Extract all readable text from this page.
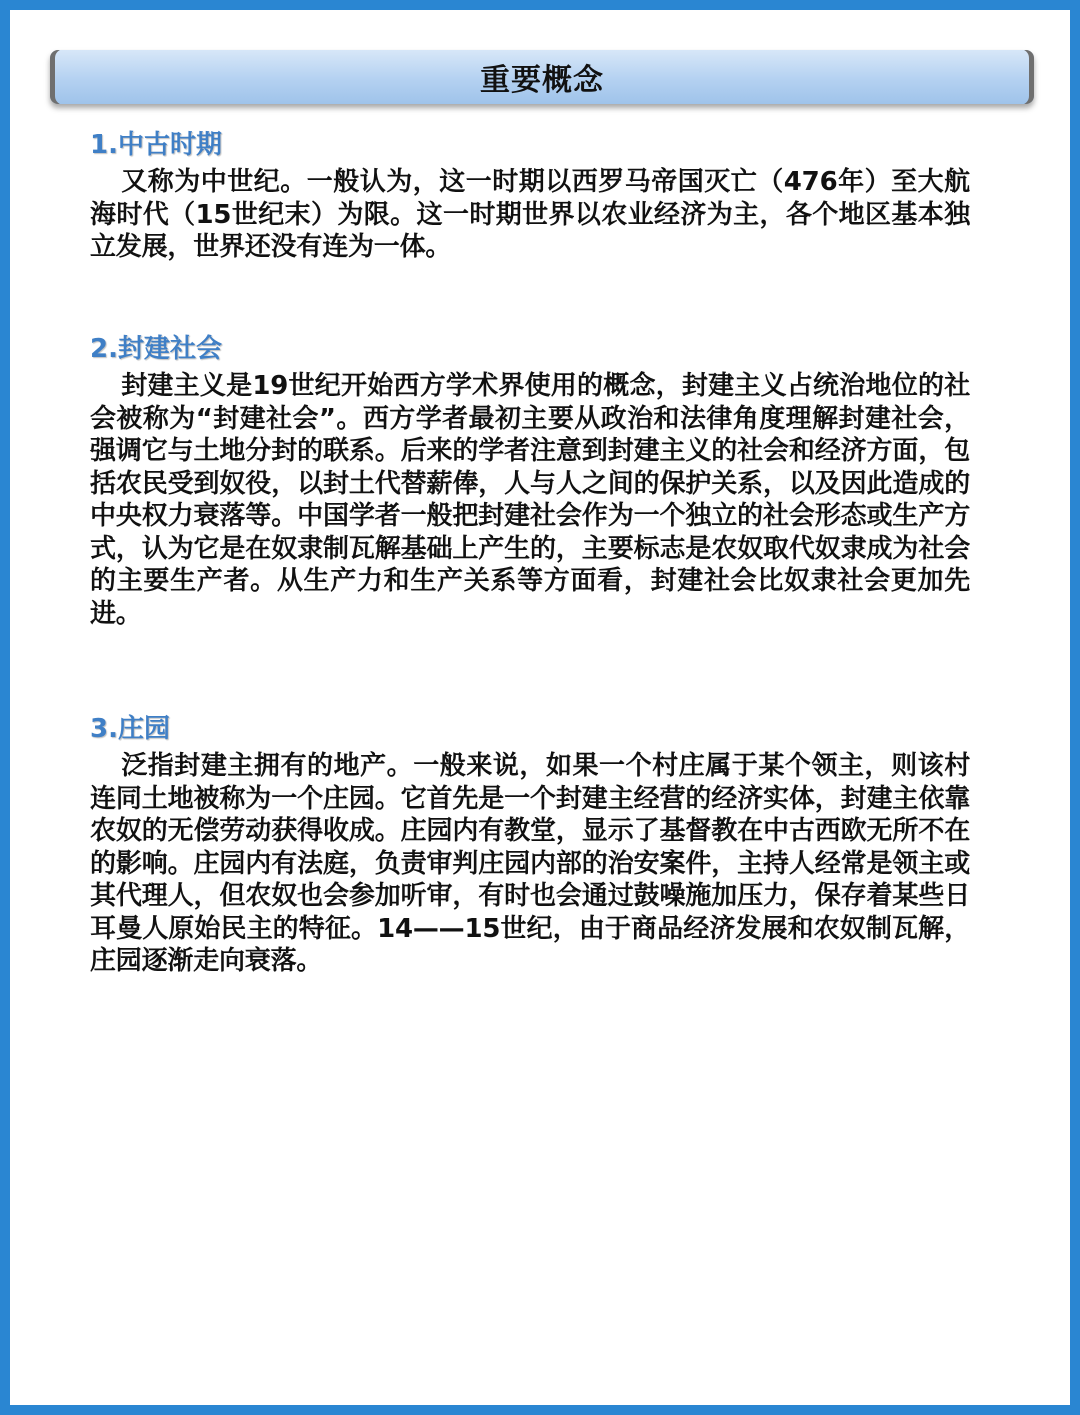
重要概念
1.中古时期

又称为中世纪。一般认为，这一时期以西罗马帝国灭亡（476年）至大航海时代（15世纪末）为限。这一时期世界以农业经济为主，各个地区基本独立发展，世界还没有连为一体。

2.封建社会

封建主义是19世纪开始西方学术界使用的概念，封建主义占统治地位的社会被称为“封建社会”。西方学者最初主要从政治和法律角度理解封建社会，强调它与土地分封的联系。后来的学者注意到封建主义的社会和经济方面，包括农民受到奴役，以封土代替薪俸，人与人之间的保护关系，以及因此造成的中央权力衰落等。中国学者一般把封建社会作为一个独立的社会形态或生产方式，认为它是在奴隶制瓦解基础上产生的，主要标志是农奴取代奴隶成为社会的主要生产者。从生产力和生产关系等方面看，封建社会比奴隶社会更加先进。

3.庄园

泛指封建主拥有的地产。一般来说，如果一个村庄属于某个领主，则该村连同土地被称为一个庄园。它首先是一个封建主经营的经济实体，封建主依靠农奴的无偿劳动获得收成。庄园内有教堂，显示了基督教在中古西欧无所不在的影响。庄园内有法庭，负责审判庄园内部的治安案件，主持人经常是领主或其代理人，但农奴也会参加听审，有时也会通过鼓噪施加压力，保存着某些日耳曼人原始民主的特征。14——15世纪，由于商品经济发展和农奴制瓦解，庄园逐渐走向衰落。
